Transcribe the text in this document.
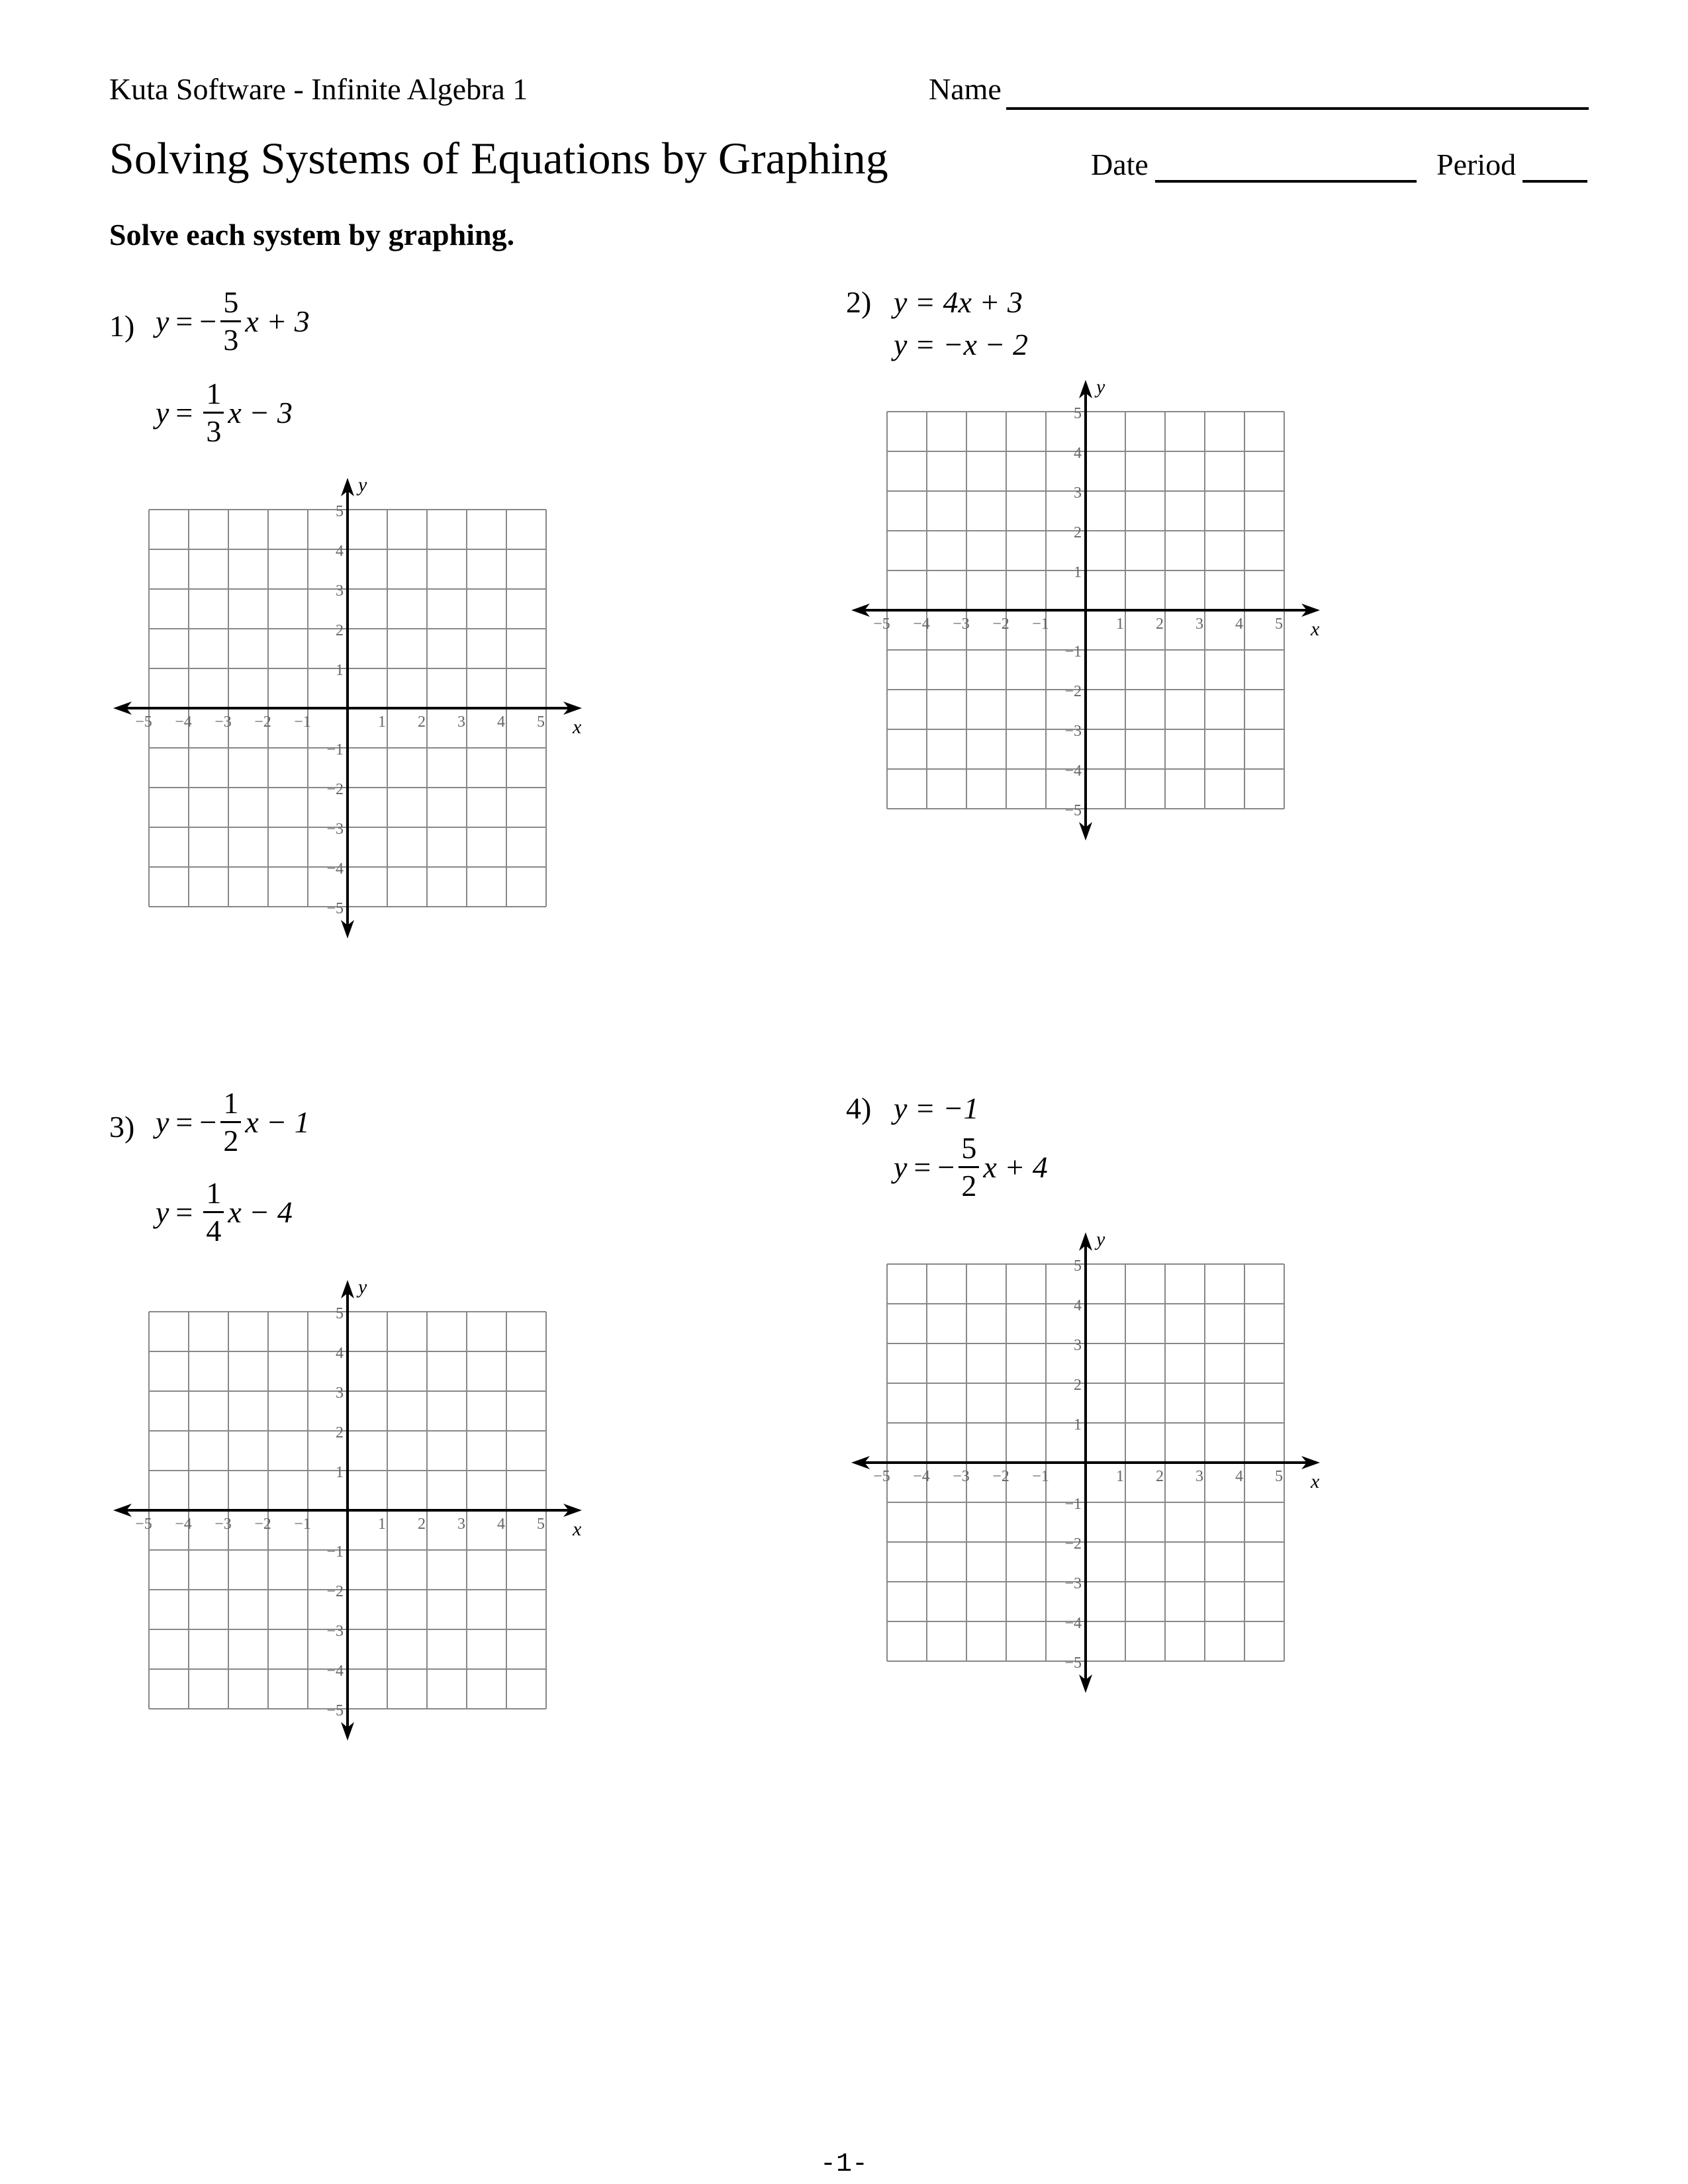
Kuta Software - Infinite Algebra 1	Name
Solving Systems of Equations by Graphing	Date	Period
Solve each system by graphing.
1) y = − $\frac{5}{3}$ x + 3
$y = \frac{1}{3}$ x − 3
−5 −4 −3 −2 −1	1 2 3 4 5
5
4
3
2
1
−1
−2
−3
−4
−5
x
y
2) y = 4x + 3
y = −x − 2
−5 −4 −3 −2 −1	1 2 3 4 5
5
4
3
2
1
−1
−2
−3
−4
−5
x
y
3) y = − $\frac{1}{2}$ x − 1
$y = \frac{1}{4}$ x − 4
−5 −4 −3 −2 −1	1 2 3 4 5
5
4
3
2
1
−1
−2
−3
−4
−5
x
y
4) y = −1
y = − $\frac{5}{2}$ x + 4
−5 −4 −3 −2 −1	1 2 3 4 5
5
4
3
2
1
−1
−2
−3
−4
−5
x
y
-1-
